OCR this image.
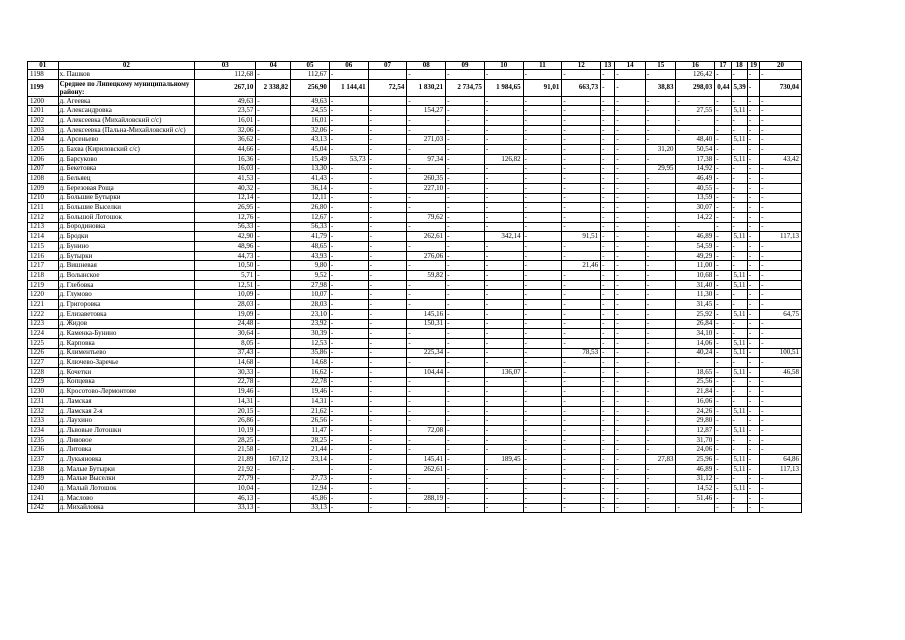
01	02	03	04	05	06	07	08	09	10	11	12	13	14	15	16	17	18	19	20
1198	х. Пашков	112,68	-	112,67	-		-	-	-	-	-	-	-	-	126,42	-	-	-	-
1199	Среднее по Липецкому муниципальному району:	267,10	2 338,82	256,90	1 144,41	72,54	1 830,21	2 734,75	1 984,65	91,01	663,73	-	-	38,83	298,03	0,44	5,39	-	730,04
1200	д. Агеевка	49,63	-	49,63	-		-	-	-	-	-	-	-	-	-	-	-	-	-
1201	д. Александровка	23,57	-	24,55	-	-	154,27	-	-	-	-	-	-	-	27,55	-	5,11	-	-
1202	д. Алексеевка (Михайловский с/с)	16,01	-	16,01	-	-	-	-	-	-	-	-	-	-	-	-	-	-	-
1203	д. Алексеевка (Пальна-Михайловский с/с)	32,06	-	32,06	-	-	-	-	-	-	-	-	-	-	-	-	-	-	-
1204	д. Арсеньево	36,62	-	43,13	-	-	271,03	-	-	-	-	-	-	-	48,40	-	5,11	-	-
1205	д. Бахва (Кириловский с/с)	44,66	-	45,04	-	-	-	-	-	-	-	-	-	31,20	50,54	-	-	-	-
1206	д. Барсуково	16,36	-	15,49	53,73	-	97,34	-	126,82	-	-	-	-	-	17,38	-	5,11	-	43,42
1207	д. Бекетовка	16,03	-	13,30	-	-	-	-	-	-	-	-	-	29,95	14,92	-	-	-	-
1208	д. Бельяец	41,53	-	41,43	-	-	260,35	-	-	-	-	-	-	-	46,49	-	-	-	-
1209	д. Березовая Роща	40,32	-	36,14	-	-	227,10	-	-	-	-	-	-	-	40,55	-	-	-	-
1210	д. Большие Бутырки	12,14	-	12,11	-	-	-	-	-	-	-	-	-	-	13,59	-	-	-	-
1211	д. Большие Выселки	26,95	-	26,80	-	-	-	-	-	-	-	-	-	-	30,07	-	-	-	-
1212	д. Большой Лотошок	12,76	-	12,67	-	-	79,62	-	-	-	-	-	-	-	14,22	-	-	-	-
1213	д. Бородиновка	56,33	-	56,33	-	-	-	-	-	-	-	-	-	-	-	-	-	-	-
1214	д. Бродки	42,90	-	41,79	-	-	262,61	-	342,14	-	91,51	-	-	-	46,89	-	5,11	-	117,13
1215	д. Бунино	48,96	-	48,65	-	-	-	-	-	-	-	-	-	-	54,59	-	-	-	-
1216	д. Бутырки	44,73	-	43,93	-	-	276,06	-	-	-	-	-	-	-	49,29	-	-	-	-
1217	д. Вишневая	10,50	-	9,80	-	-	-	-	-	-	21,46	-	-	-	11,00	-	-	-	-
1218	д. Волынское	5,71	-	9,52	-	-	59,82	-	-	-	-	-	-	-	10,68	-	5,11	-	-
1219	д. Глебовка	12,51	-	27,98	-	-	-	-	-	-	-	-	-	-	31,40	-	5,11	-	-
1220	д. Глумово	10,09	-	10,07	-	-	-	-	-	-	-	-	-	-	11,30	-	-	-	-
1221	д. Григоровка	28,03	-	28,03	-	-	-	-	-	-	-	-	-	-	31,45	-	-	-	-
1222	д. Елизаветовка	19,09	-	23,10	-	-	145,16	-	-	-	-	-	-	-	25,92	-	5,11	-	64,75
1223	д. Жидов	24,48	-	23,92	-	-	150,31	-	-	-	-	-	-	-	26,84	-	-	-	-
1224	д. Каменка-Бунино	30,64	-	30,39	-	-	-	-	-	-	-	-	-	-	34,10	-	-	-	-
1225	д. Карповка	8,05	-	12,53	-	-	-	-	-	-	-	-	-	-	14,06	-	5,11	-	-
1226	д. Климентьево	37,43	-	35,86	-	-	225,34	-	-	-	78,53	-	-	-	40,24	-	5,11	-	100,51
1227	д. Ключево-Заречье	14,68	-	14,68	-	-	-	-	-	-	-	-	-	-	-	-	-	-	-
1228	д. Кочетки	30,33	-	16,62	-	-	104,44	-	136,07	-	-	-	-	-	18,65	-	5,11	-	46,58
1229	д. Копцевка	22,78	-	22,78	-	-	-	-	-	-	-	-	-	-	25,56	-	-	-	-
1230	д. Кросотово-Лермонтове	19,46	-	19,46	-	-	-	-	-	-	-	-	-	-	21,84	-	-	-	-
1231	д. Ламская	14,31	-	14,31	-	-	-	-	-	-	-	-	-	-	16,06	-	-	-	-
1232	д. Ламская 2-я	20,15	-	21,62	-	-	-	-	-	-	-	-	-	-	24,26	-	5,11	-	-
1233	д. Лаухино	26,86	-	26,56	-	-	-	-	-	-	-	-	-	-	29,80	-	-	-	-
1234	д. Львовые Лотошки	10,19	-	11,47	-	-	72,08	-	-	-	-	-	-	-	12,87	-	5,11	-	-
1235	д. Ливовое	28,25	-	28,25	-	-	-	-	-	-	-	-	-	-	31,70	-	-	-	-
1236	д. Литовка	21,58	-	21,44	-	-	-	-	-	-	-	-	-	-	24,06	-	-	-	-
1237	д. Лукьяновка	21,89	167,12	23,14	-	-	145,41	-	189,45	-	-	-	-	27,83	25,96	-	5,11	-	64,86
1238	д. Малые Бутырки	21,92	-	-	-	-	262,61	-	-	-	-	-	-	-	46,89	-	5,11	-	117,13
1239	д. Малые Выселки	27,79	-	27,73	-	-	-	-	-	-	-	-	-	-	31,12	-	-	-	-
1240	д. Малый Лотошок	10,04	-	12,94	-	-	-	-	-	-	-	-	-	-	14,52	-	5,11	-	-
1241	д. Маслово	46,13	-	45,86	-	-	288,19	-	-	-	-	-	-	-	51,46	-	-	-	-
1242	д. Михайловка	33,13	-	33,13	-	-	-	-	-	-	-	-	-	-	-	-	-	-	-
